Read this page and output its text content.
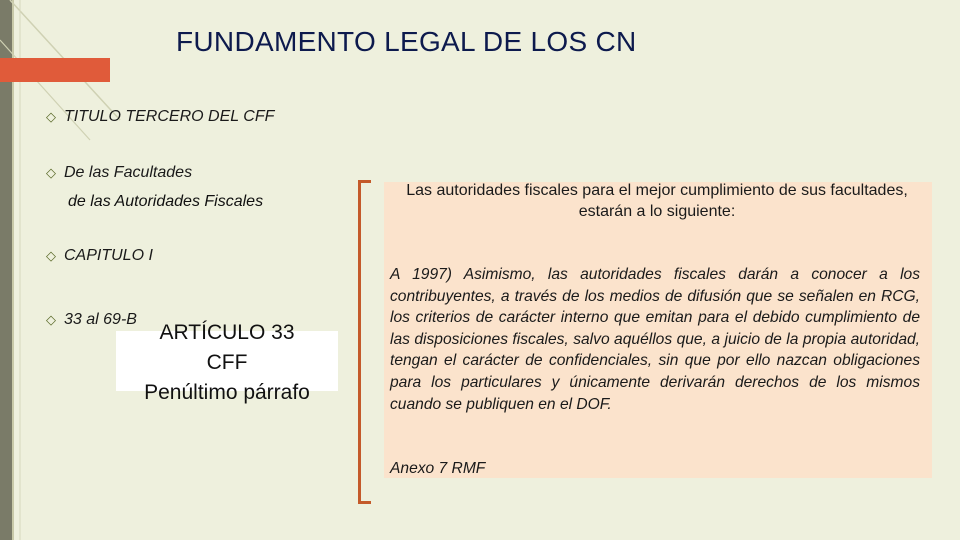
FUNDAMENTO LEGAL DE LOS CN
◇ TITULO TERCERO DEL CFF
◇ De las Facultades
de las Autoridades Fiscales
◇ CAPITULO I
◇ 33 al 69-B
ARTÍCULO 33
CFF
Penúltimo párrafo
Las autoridades fiscales para el mejor cumplimiento de sus facultades, estarán a lo siguiente:
A 1997) Asimismo, las autoridades fiscales darán a conocer a los contribuyentes, a través de los medios de difusión que se señalen en RCG, los criterios de carácter interno que emitan para el debido cumplimiento de las disposiciones fiscales, salvo aquéllos que, a juicio de la propia autoridad, tengan el carácter de confidenciales, sin que por ello nazcan obligaciones para los particulares y únicamente derivarán derechos de los mismos cuando se publiquen en el DOF.
Anexo 7 RMF
